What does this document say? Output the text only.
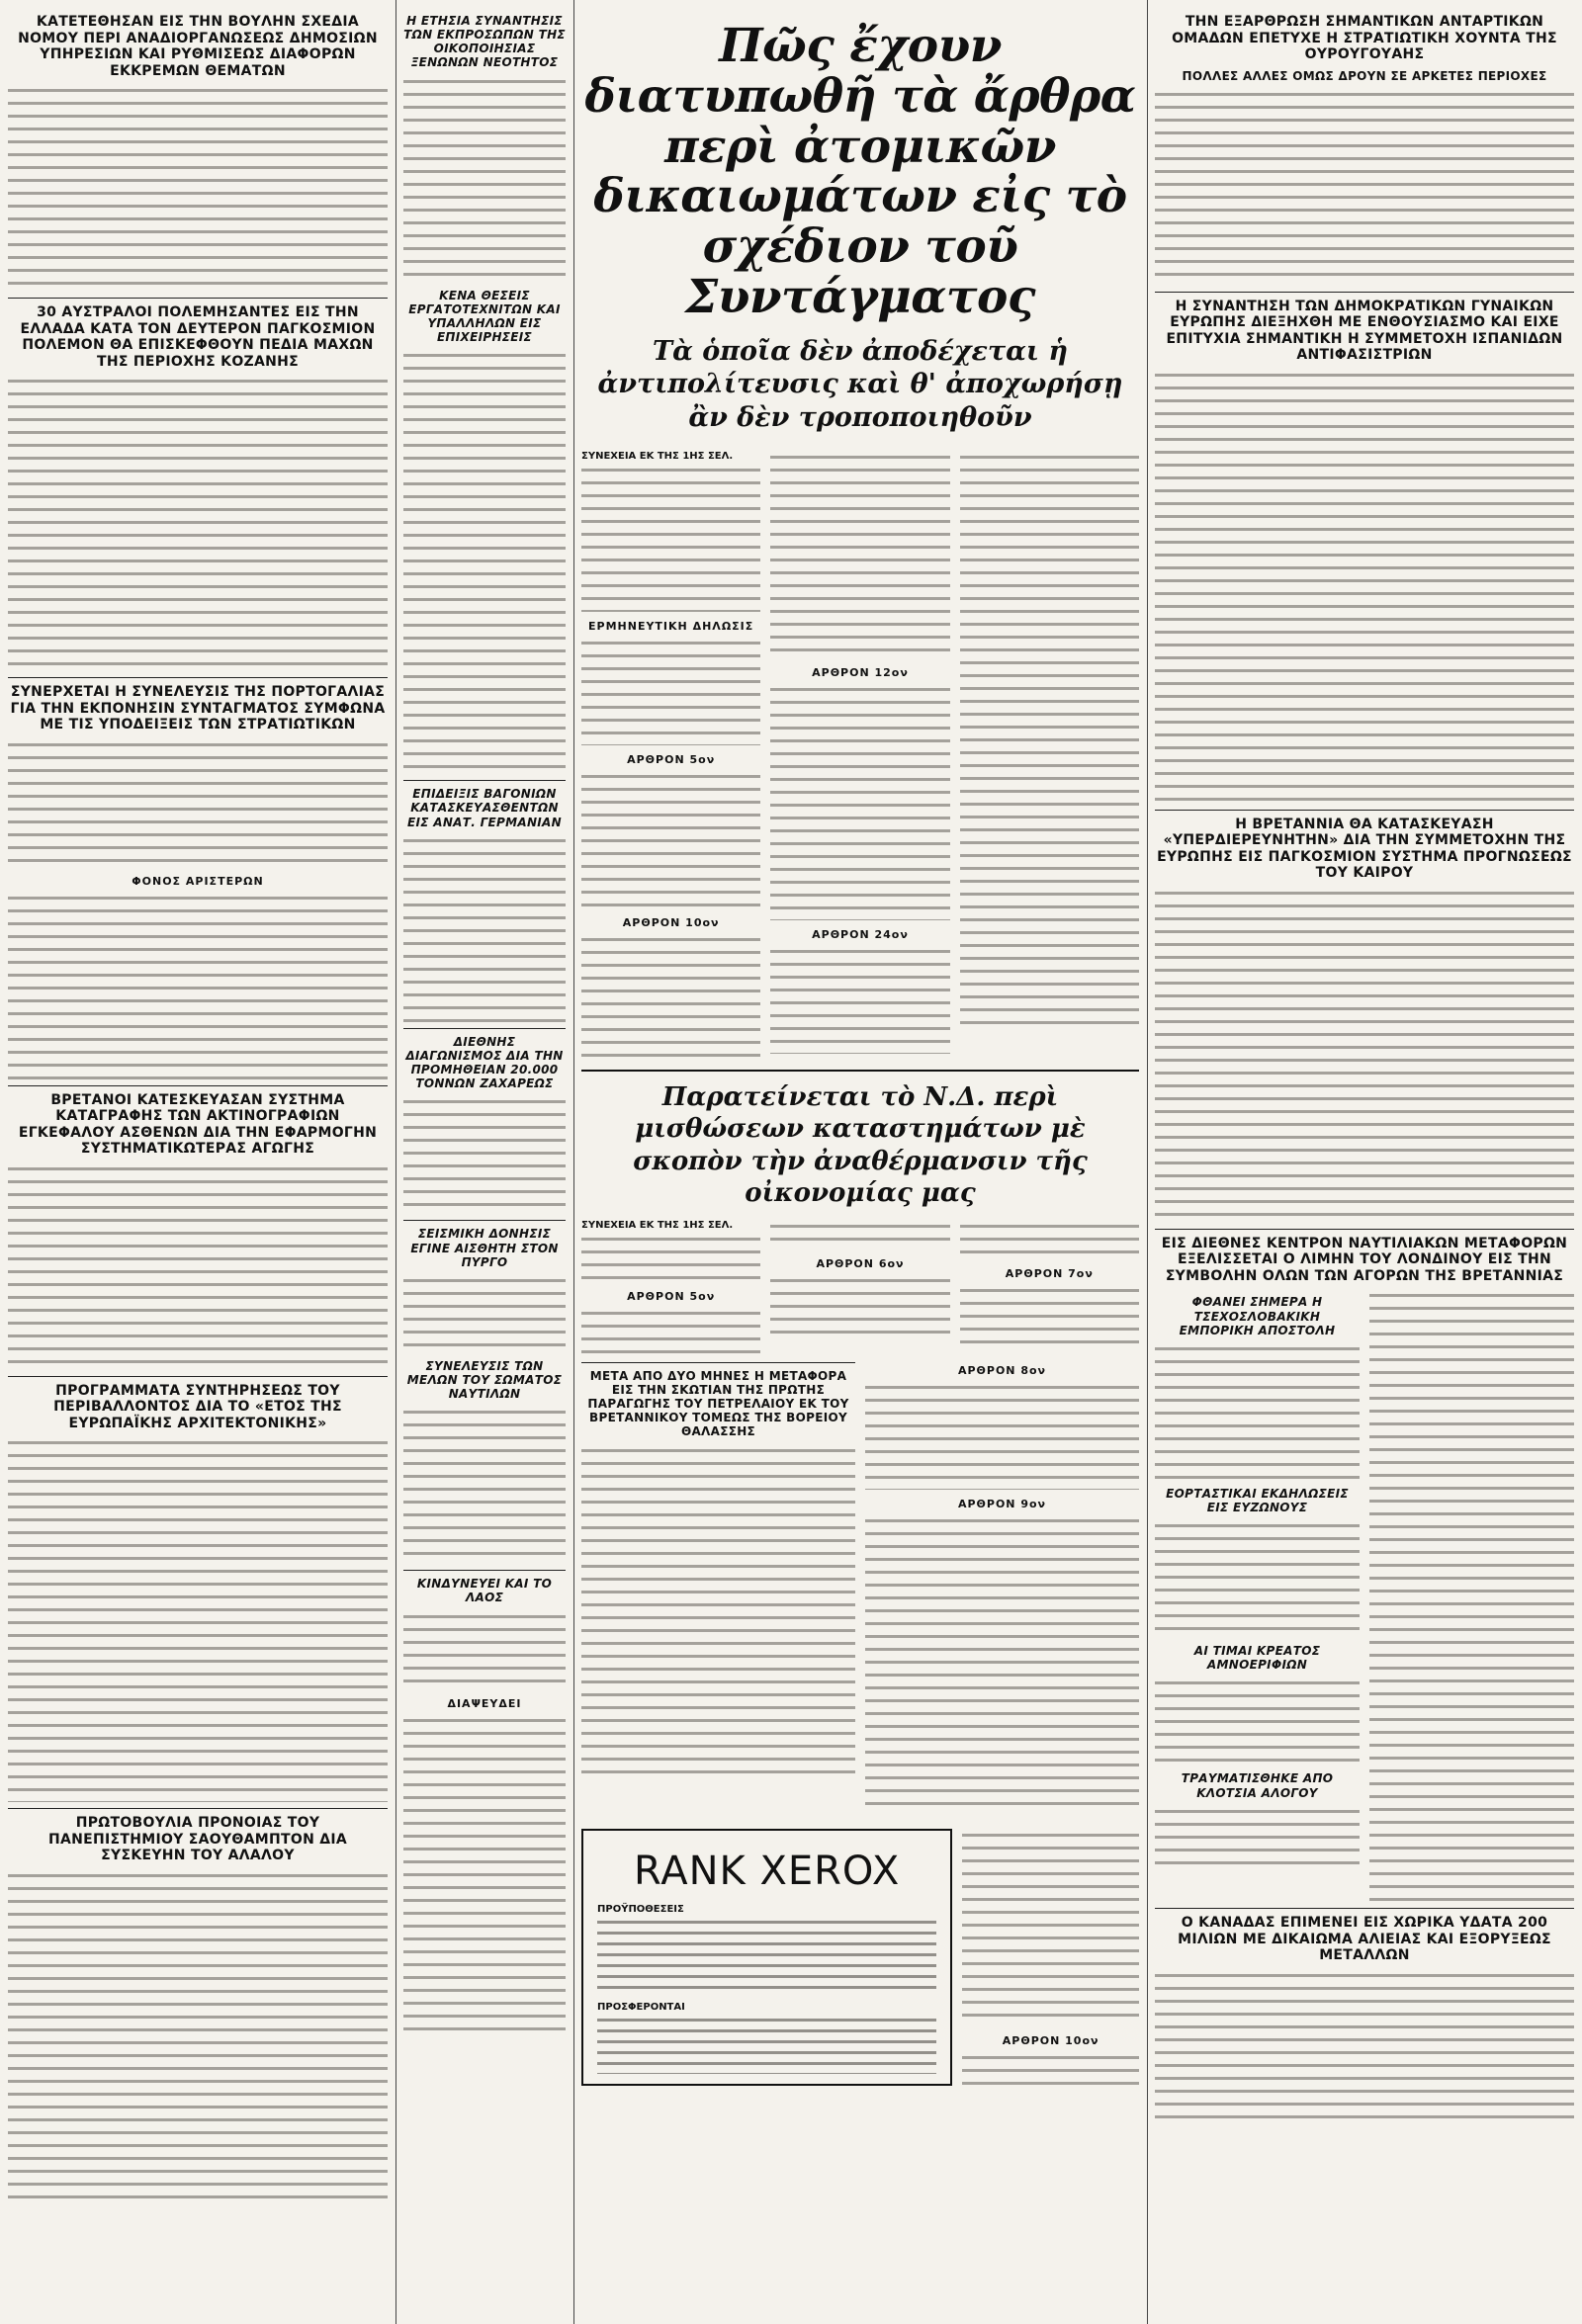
ΚΑΤΕΤΕΘΗΣΑΝ ΕΙΣ ΤΗΝ ΒΟΥΛΗΝ ΣΧΕΔΙΑ ΝΟΜΟΥ ΠΕΡΙ ΑΝΑΔΙΟΡΓΑΝΩΣΕΩΣ ΔΗΜΟΣΙΩΝ ΥΠΗΡΕΣΙΩΝ ΚΑΙ ΡΥΘΜΙΣΕΩΣ ΔΙΑΦΟΡΩΝ ΕΚΚΡΕΜΩΝ ΘΕΜΑΤΩΝ
30 ΑΥΣΤΡΑΛΟΙ ΠΟΛΕΜΗΣΑΝΤΕΣ ΕΙΣ ΤΗΝ ΕΛΛΑΔΑ ΚΑΤΑ ΤΟΝ ΔΕΥΤΕΡΟΝ ΠΑΓΚΟΣΜΙΟΝ ΠΟΛΕΜΟΝ ΘΑ ΕΠΙΣΚΕΦΘΟΥΝ ΠΕΔΙΑ ΜΑΧΩΝ ΤΗΣ ΠΕΡΙΟΧΗΣ ΚΟΖΑΝΗΣ
ΣΥΝΕΡΧΕΤΑΙ Η ΣΥΝΕΛΕΥΣΙΣ ΤΗΣ ΠΟΡΤΟΓΑΛΙΑΣ ΓΙΑ ΤΗΝ ΕΚΠΟΝΗΣΙΝ ΣΥΝΤΑΓΜΑΤΟΣ ΣΥΜΦΩΝΑ ΜΕ ΤΙΣ ΥΠΟΔΕΙΞΕΙΣ ΤΩΝ ΣΤΡΑΤΙΩΤΙΚΩΝ
ΦΟΝΟΣ ΑΡΙΣΤΕΡΩΝ
ΒΡΕΤΑΝΟΙ ΚΑΤΕΣΚΕΥΑΣΑΝ ΣΥΣΤΗΜΑ ΚΑΤΑΓΡΑΦΗΣ ΤΩΝ ΑΚΤΙΝΟΓΡΑΦΙΩΝ ΕΓΚΕΦΑΛΟΥ ΑΣΘΕΝΩΝ ΔΙΑ ΤΗΝ ΕΦΑΡΜΟΓΗΝ ΣΥΣΤΗΜΑΤΙΚΩΤΕΡΑΣ ΑΓΩΓΗΣ
ΠΡΟΓΡΑΜΜΑΤΑ ΣΥΝΤΗΡΗΣΕΩΣ ΤΟΥ ΠΕΡΙΒΑΛΛΟΝΤΟΣ ΔΙΑ ΤΟ «ΕΤΟΣ ΤΗΣ ΕΥΡΩΠΑΪΚΗΣ ΑΡΧΙΤΕΚΤΟΝΙΚΗΣ»
ΠΡΩΤΟΒΟΥΛΙΑ ΠΡΟΝΟΙΑΣ ΤΟΥ ΠΑΝΕΠΙΣΤΗΜΙΟΥ ΣΑΟΥΘΑΜΠΤΟΝ ΔΙΑ ΣΥΣΚΕΥΗΝ ΤΟΥ ΑΛΑΛΟΥ
Η ΕΤΗΣΙΑ ΣΥΝΑΝΤΗΣΙΣ ΤΩΝ ΕΚΠΡΟΣΩΠΩΝ ΤΗΣ ΟΙΚΟΠΟΙΗΣΙΑΣ ΞΕΝΩΝΩΝ ΝΕΟΤΗΤΟΣ
ΚΕΝΑ ΘΕΣΕΙΣ ΕΡΓΑΤΟΤΕΧΝΙΤΩΝ ΚΑΙ ΥΠΑΛΛΗΛΩΝ ΕΙΣ ΕΠΙΧΕΙΡΗΣΕΙΣ
ΕΠΙΔΕΙΞΙΣ ΒΑΓΟΝΙΩΝ ΚΑΤΑΣΚΕΥΑΣΘΕΝΤΩΝ ΕΙΣ ΑΝΑΤ. ΓΕΡΜΑΝΙΑΝ
ΔΙΕΘΝΗΣ ΔΙΑΓΩΝΙΣΜΟΣ ΔΙΑ ΤΗΝ ΠΡΟΜΗΘΕΙΑΝ 20.000 ΤΟΝΝΩΝ ΖΑΧΑΡΕΩΣ
ΣΕΙΣΜΙΚΗ ΔΟΝΗΣΙΣ ΕΓΙΝΕ ΑΙΣΘΗΤΗ ΣΤΟΝ ΠΥΡΓΟ
ΣΥΝΕΛΕΥΣΙΣ ΤΩΝ ΜΕΛΩΝ ΤΟΥ ΣΩΜΑΤΟΣ ΝΑΥΤΙΛΩΝ
ΚΙΝΔΥΝΕΥΕΙ ΚΑΙ ΤΟ ΛΑΟΣ
ΔΙΑΨΕΥΔΕΙ
Πῶς ἔχουν διατυπωθῆ τὰ ἄρθρα περὶ ἀτομικῶν δικαιωμάτων εἰς τὸ σχέδιον τοῦ Συντάγματος
Τὰ ὁποῖα δὲν ἀποδέχεται ἡ ἀντιπολίτευσις καὶ θ' ἀποχωρήσῃ ἂν δὲν τροποποιηθοῦν
ΣΥΝΕΧΕΙΑ ΕΚ ΤΗΣ 1ΗΣ ΣΕΛ.
ΕΡΜΗΝΕΥΤΙΚΗ ΔΗΛΩΣΙΣ
ΑΡΘΡΟΝ 5ον
ΑΡΘΡΟΝ 10ον
ΑΡΘΡΟΝ 12ον
ΑΡΘΡΟΝ 24ον
Παρατείνεται τὸ Ν.Δ. περὶ μισθώσεων καταστημάτων μὲ σκοπὸν τὴν ἀναθέρμανσιν τῆς οἰκονομίας μας
ΣΥΝΕΧΕΙΑ ΕΚ ΤΗΣ 1ΗΣ ΣΕΛ.
ΑΡΘΡΟΝ 5ον
ΑΡΘΡΟΝ 6ον
ΑΡΘΡΟΝ 7ον
ΜΕΤΑ ΑΠΟ ΔΥΟ ΜΗΝΕΣ Η ΜΕΤΑΦΟΡΑ ΕΙΣ ΤΗΝ ΣΚΩΤΙΑΝ ΤΗΣ ΠΡΩΤΗΣ ΠΑΡΑΓΩΓΗΣ ΤΟΥ ΠΕΤΡΕΛΑΙΟΥ ΕΚ ΤΟΥ ΒΡΕΤΑΝΝΙΚΟΥ ΤΟΜΕΩΣ ΤΗΣ ΒΟΡΕΙΟΥ ΘΑΛΑΣΣΗΣ
ΑΡΘΡΟΝ 8ον
ΑΡΘΡΟΝ 9ον
RANK XEROX
ΠΡΟΫΠΟΘΕΣΕΙΣ
ΠΡΟΣΦΕΡΟΝΤΑΙ
ΑΡΘΡΟΝ 10ον
ΤΗΝ ΕΞΑΡΘΡΩΣΗ ΣΗΜΑΝΤΙΚΩΝ ΑΝΤΑΡΤΙΚΩΝ ΟΜΑΔΩΝ ΕΠΕΤΥΧΕ Η ΣΤΡΑΤΙΩΤΙΚΗ ΧΟΥΝΤΑ ΤΗΣ ΟΥΡΟΥΓΟΥΑΗΣ
ΠΟΛΛΕΣ ΑΛΛΕΣ ΟΜΩΣ ΔΡΟΥΝ ΣΕ ΑΡΚΕΤΕΣ ΠΕΡΙΟΧΕΣ
Η ΣΥΝΑΝΤΗΣΗ ΤΩΝ ΔΗΜΟΚΡΑΤΙΚΩΝ ΓΥΝΑΙΚΩΝ ΕΥΡΩΠΗΣ ΔΙΕΞΗΧΘΗ ΜΕ ΕΝΘΟΥΣΙΑΣΜΟ ΚΑΙ ΕΙΧΕ ΕΠΙΤΥΧΙΑ ΣΗΜΑΝΤΙΚΗ Η ΣΥΜΜΕΤΟΧΗ ΙΣΠΑΝΙΔΩΝ ΑΝΤΙΦΑΣΙΣΤΡΙΩΝ
Η ΒΡΕΤΑΝΝΙΑ ΘΑ ΚΑΤΑΣΚΕΥΑΣΗ «ΥΠΕΡΔΙΕΡΕΥΝΗΤΗΝ» ΔΙΑ ΤΗΝ ΣΥΜΜΕΤΟΧΗΝ ΤΗΣ ΕΥΡΩΠΗΣ ΕΙΣ ΠΑΓΚΟΣΜΙΟΝ ΣΥΣΤΗΜΑ ΠΡΟΓΝΩΣΕΩΣ ΤΟΥ ΚΑΙΡΟΥ
ΕΙΣ ΔΙΕΘΝΕΣ ΚΕΝΤΡΟΝ ΝΑΥΤΙΛΙΑΚΩΝ ΜΕΤΑΦΟΡΩΝ ΕΞΕΛΙΣΣΕΤΑΙ Ο ΛΙΜΗΝ ΤΟΥ ΛΟΝΔΙΝΟΥ ΕΙΣ ΤΗΝ ΣΥΜΒΟΛΗΝ ΟΛΩΝ ΤΩΝ ΑΓΟΡΩΝ ΤΗΣ ΒΡΕΤΑΝΝΙΑΣ
ΦΘΑΝΕΙ ΣΗΜΕΡΑ Η ΤΣΕΧΟΣΛΟΒΑΚΙΚΗ ΕΜΠΟΡΙΚΗ ΑΠΟΣΤΟΛΗ
ΕΟΡΤΑΣΤΙΚΑΙ ΕΚΔΗΛΩΣΕΙΣ ΕΙΣ ΕΥΖΩΝΟΥΣ
ΑΙ ΤΙΜΑΙ ΚΡΕΑΤΟΣ ΑΜΝΟΕΡΙΦΙΩΝ
ΤΡΑΥΜΑΤΙΣΘΗΚΕ ΑΠΟ ΚΛΟΤΣΙΑ ΑΛΟΓΟΥ
Ο ΚΑΝΑΔΑΣ ΕΠΙΜΕΝΕΙ ΕΙΣ ΧΩΡΙΚΑ ΥΔΑΤΑ 200 ΜΙΛΙΩΝ ΜΕ ΔΙΚΑΙΩΜΑ ΑΛΙΕΙΑΣ ΚΑΙ ΕΞΟΡΥΞΕΩΣ ΜΕΤΑΛΛΩΝ
